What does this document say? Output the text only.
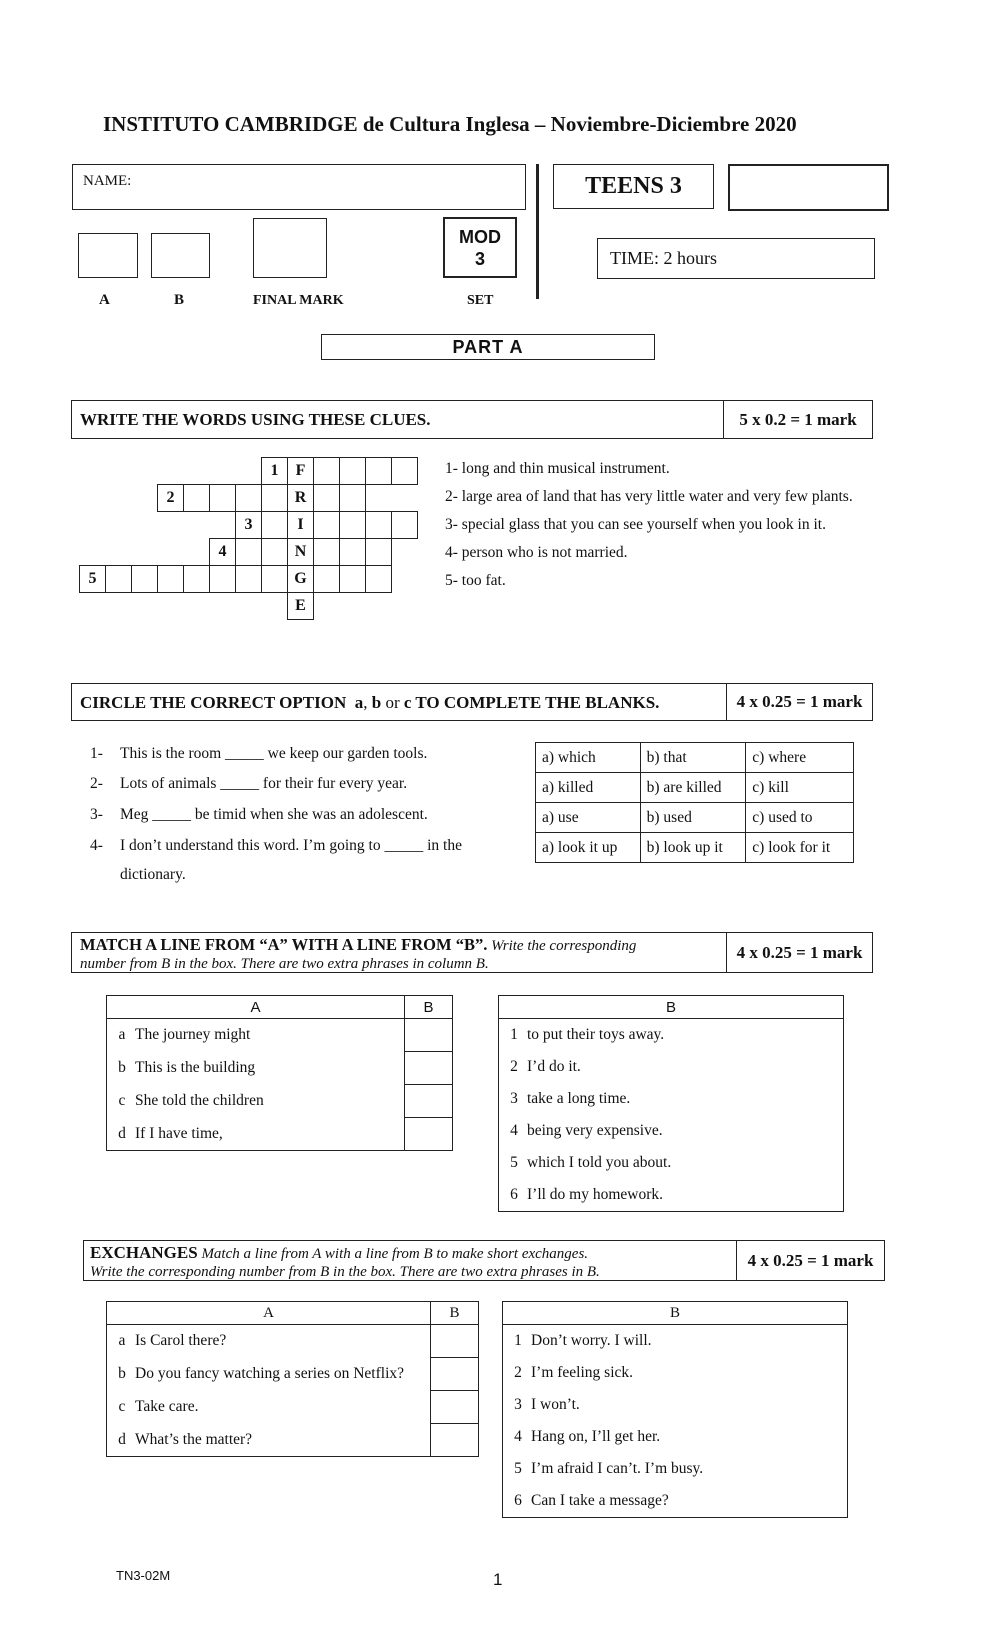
INSTITUTO CAMBRIDGE de Cultura Inglesa – Noviembre-Diciembre 2020
NAME:	TEENS 3
MOD
3	TIME: 2 hours
A	B	FINAL MARK	SET
PART A
WRITE THE WORDS USING THESE CLUES.	5 x 0.2 = 1 mark
							1	F				
			2					R				
						3		I				
					4			N				
5								G				
								E				
1- long and thin musical instrument.
2- large area of land that has very little water and very few plants.
3- special glass that you can see yourself when you look in it.
4- person who is not married.
5- too fat.
CIRCLE THE CORRECT OPTION a, b or c TO COMPLETE THE BLANKS.	4 x 0.25 = 1 mark
1- This is the room _____ we keep our garden tools.
2- Lots of animals _____ for their fur every year.
3- Meg _____ be timid when she was an adolescent.
4- I don’t understand this word. I’m going to _____ in the
dictionary.
a) which	b) that	c) where
a) killed	b) are killed	c) kill
a) use	b) used	c) used to
a) look it up	b) look up it	c) look for it
MATCH A LINE FROM “A” WITH A LINE FROM “B”. Write the corresponding
number from B in the box. There are two extra phrases in column B.
4 x 0.25 = 1 mark
A		B
a	The journey might	
b	This is the building	
c	She told the children	
d	If I have time,	
B	
1	to put their toys away.
2	I’d do it.
3	take a long time.
4	being very expensive.
5	which I told you about.
6	I’ll do my homework.
EXCHANGES Match a line from A with a line from B to make short exchanges.
Write the corresponding number from B in the box. There are two extra phrases in B.
4 x 0.25 = 1 mark
A		B
a	Is Carol there?	
b	Do you fancy watching a series on Netflix?	
c	Take care.	
d	What’s the matter?	
B	
1	Don’t worry. I will.
2	I’m feeling sick.
3	I won’t.
4	Hang on, I’ll get her.
5	I’m afraid I can’t. I’m busy.
6	Can I take a message?
TN3-02M	1
